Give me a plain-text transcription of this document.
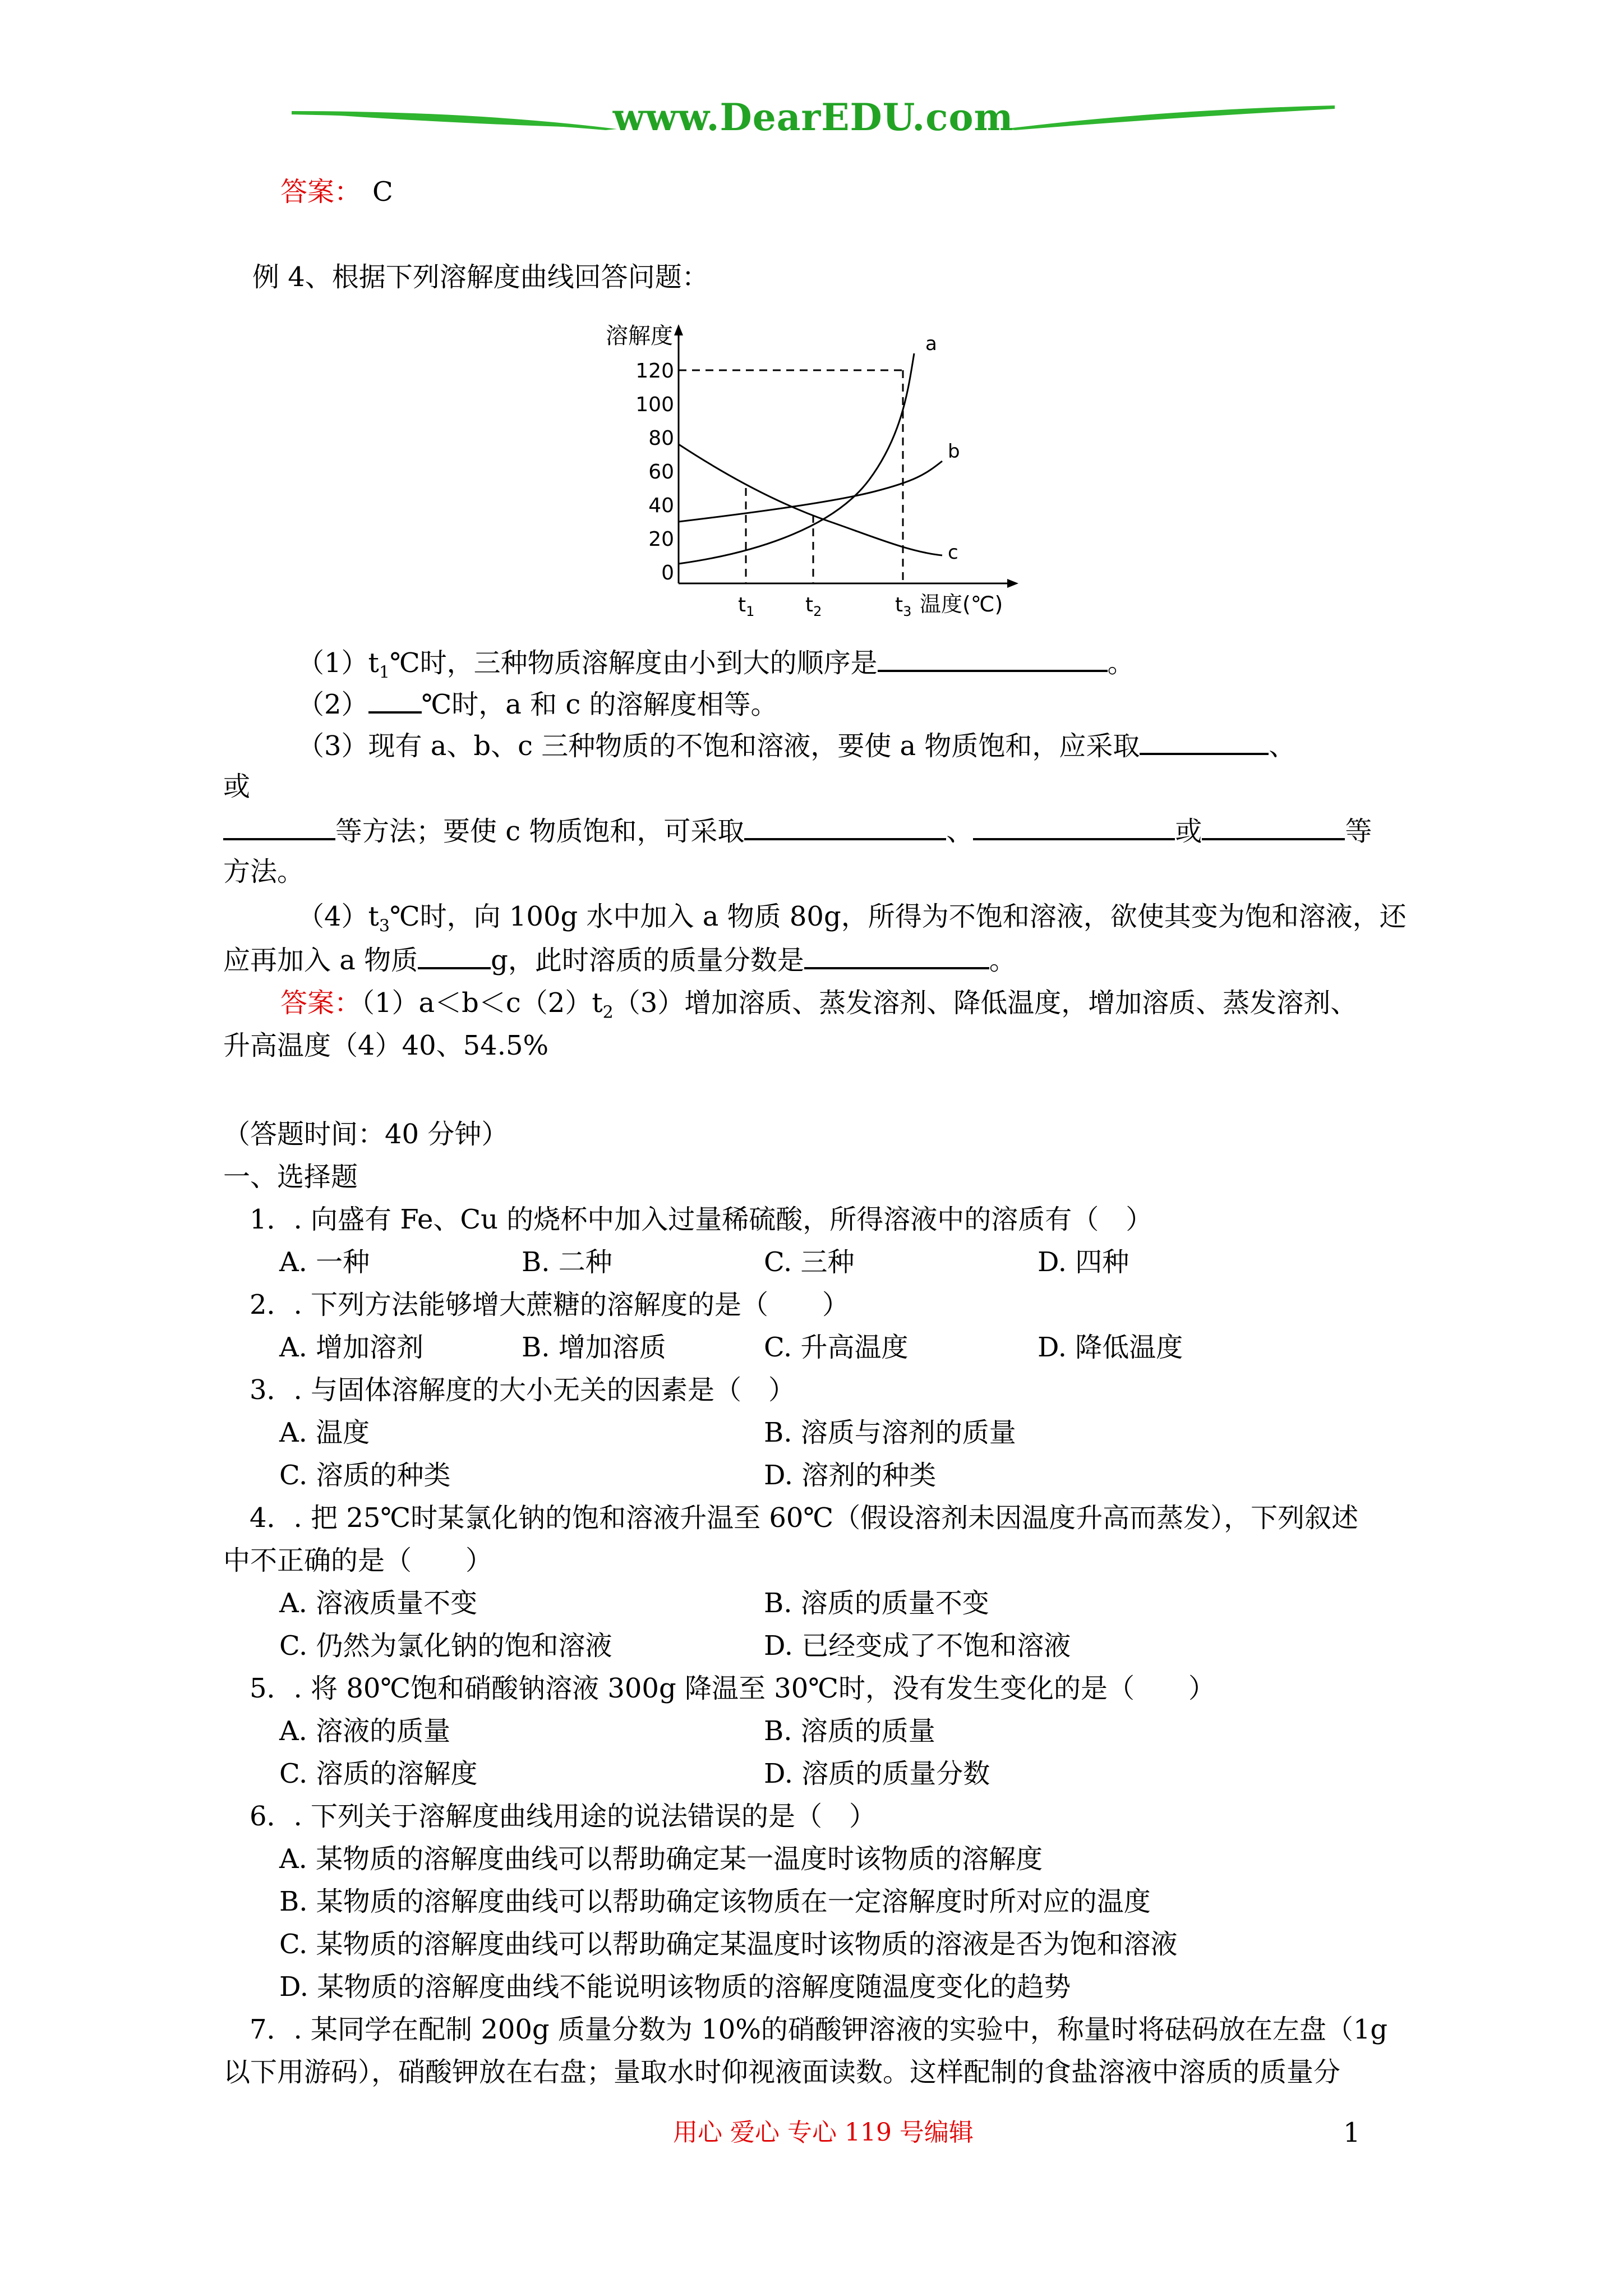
www.DearEDU.com
答案： C
例 4、根据下列溶解度曲线回答问题：
溶解度
120
100
80
60
40
20
0
$t_1$	$t_2$	$t_3$
a
b
c
温度(℃)
$(1)t_1℃$时，三种物质溶解度由小到大的顺序是	。
（2） ℃时，a 和 c 的溶解度相等。
（3）现有 a、b、c 三种物质的不饱和溶液，要使 a 物质饱和，应采取	、
或
等方法；要使 c 物质饱和，可采取	、	或	等
方法。
$(4)t_3℃$时，向 100g 水中加入 a 物质 80g，所得为不饱和溶液，欲使其变为饱和溶液，还
应再加入 a 物质	g，此时溶质的质量分数是	。
答案：$(1)a<b<c(2)t_2(3)$增加溶质、蒸发溶剂、降低温度，增加溶质、蒸发溶剂、
升高温度（4）40、54.5%
（答题时间：40 分钟）
一、选择题
1．. 向盛有 Fe、Cu 的烧杯中加入过量稀硫酸，所得溶液中的溶质有（　）
A. 一种	B. 二种	C. 三种	D. 四种
2．. 下列方法能够增大蔗糖的溶解度的是（　　）
A. 增加溶剂	B. 增加溶质	C. 升高温度	D. 降低温度
3．. 与固体溶解度的大小无关的因素是（　）
A. 温度	B. 溶质与溶剂的质量
C. 溶质的种类	D. 溶剂的种类
4．. 把 25℃时某氯化钠的饱和溶液升温至 60℃（假设溶剂未因温度升高而蒸发），下列叙述
中不正确的是（　　）
A. 溶液质量不变	B. 溶质的质量不变
C. 仍然为氯化钠的饱和溶液	D. 已经变成了不饱和溶液
5．. 将 80℃饱和硝酸钠溶液 300g 降温至 30℃时，没有发生变化的是（　　）
A. 溶液的质量	B. 溶质的质量
C. 溶质的溶解度	D. 溶质的质量分数
6．. 下列关于溶解度曲线用途的说法错误的是（　）
A. 某物质的溶解度曲线可以帮助确定某一温度时该物质的溶解度
B. 某物质的溶解度曲线可以帮助确定该物质在一定溶解度时所对应的温度
C. 某物质的溶解度曲线可以帮助确定某温度时该物质的溶液是否为饱和溶液
D. 某物质的溶解度曲线不能说明该物质的溶解度随温度变化的趋势
7．. 某同学在配制 200g 质量分数为 10%的硝酸钾溶液的实验中，称量时将砝码放在左盘（1g
以下用游码），硝酸钾放在右盘；量取水时仰视液面读数。这样配制的食盐溶液中溶质的质量分
用心 爱心 专心 119 号编辑	1
